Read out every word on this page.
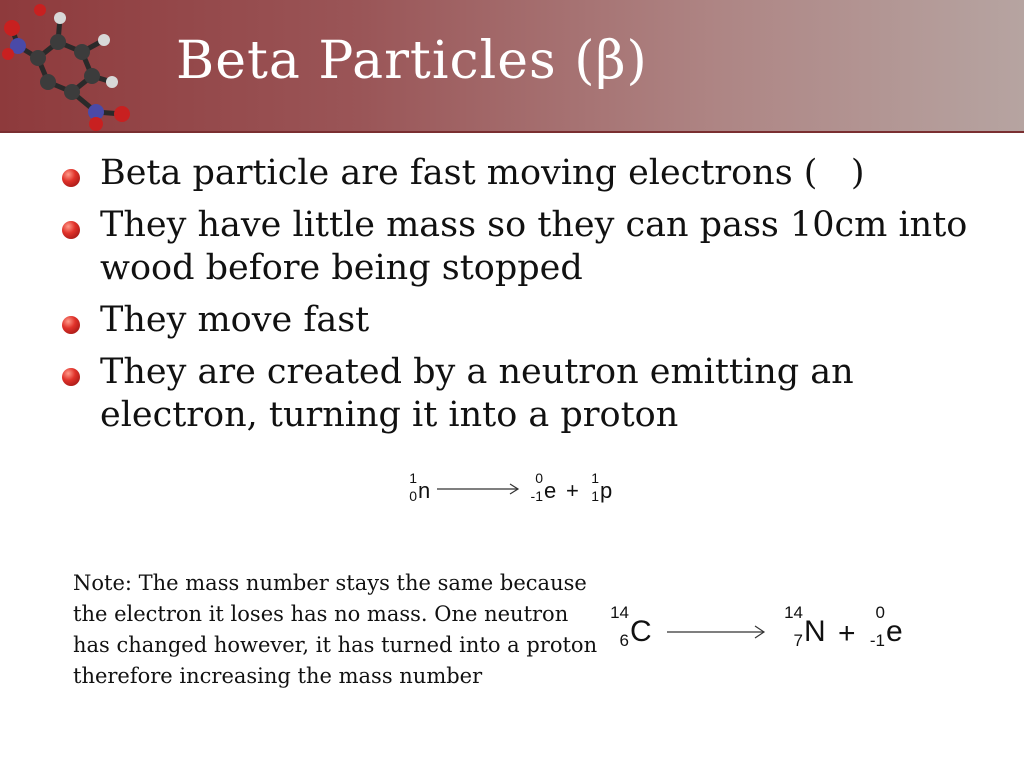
Beta Particles (β)
Beta particle are fast moving electrons (   )
They have little mass so they can pass 10cm into wood before being stopped
They move fast
They are created by a neutron emitting an electron, turning it into a proton
1
0 n	0
-1 e + 1
1 p

Note: The mass number stays the same because the electron it loses has no mass. One neutron has changed however, it has turned into a proton therefore increasing the mass number

14
6 C
14
7 N +
0
-1 e
